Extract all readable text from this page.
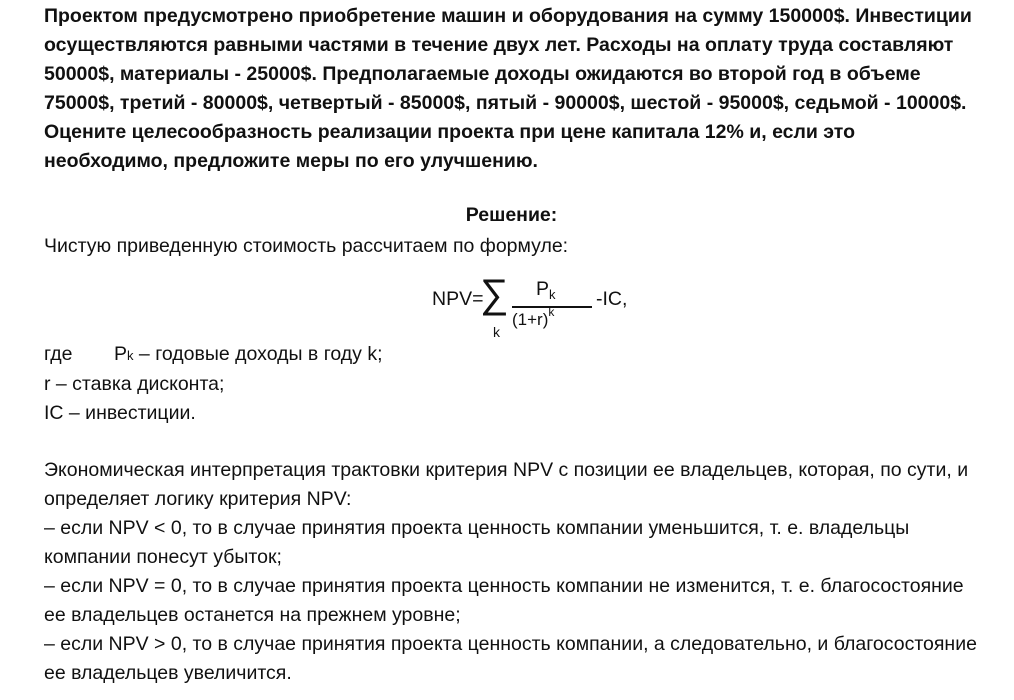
Проектом предусмотрено приобретение машин и оборудования на сумму 150000$. Инвестиции осуществляются равными частями в течение двух лет. Расходы на оплату труда составляют 50000$, материалы - 25000$. Предполагаемые доходы ожидаются во второй год в объеме 75000$, третий - 80000$, четвертый - 85000$, пятый - 90000$, шестой - 95000$, седьмой - 10000$. Оцените целесообразность реализации проекта при цене капитала 12% и, если это необходимо, предложите меры по его улучшению.

Решение:

Чистую приведенную стоимость рассчитаем по формуле:

NPV=
∑
k
$P_k$
$(1+r)^k$
-IC,
где	Pk – годовые доходы в году k;
r – ставка дисконта;
IC – инвестиции.
Экономическая интерпретация трактовки критерия NPV с позиции ее владельцев, которая, по сути, и определяет логику критерия NPV:
– если NPV < 0, то в случае принятия проекта ценность компании уменьшится, т. е. владельцы компании понесут убыток;
– если NPV = 0, то в случае принятия проекта ценность компании не изменится, т. е. благосостояние ее владельцев останется на прежнем уровне;
– если NPV > 0, то в случае принятия проекта ценность компании, а следовательно, и благосостояние ее владельцев увеличится.
